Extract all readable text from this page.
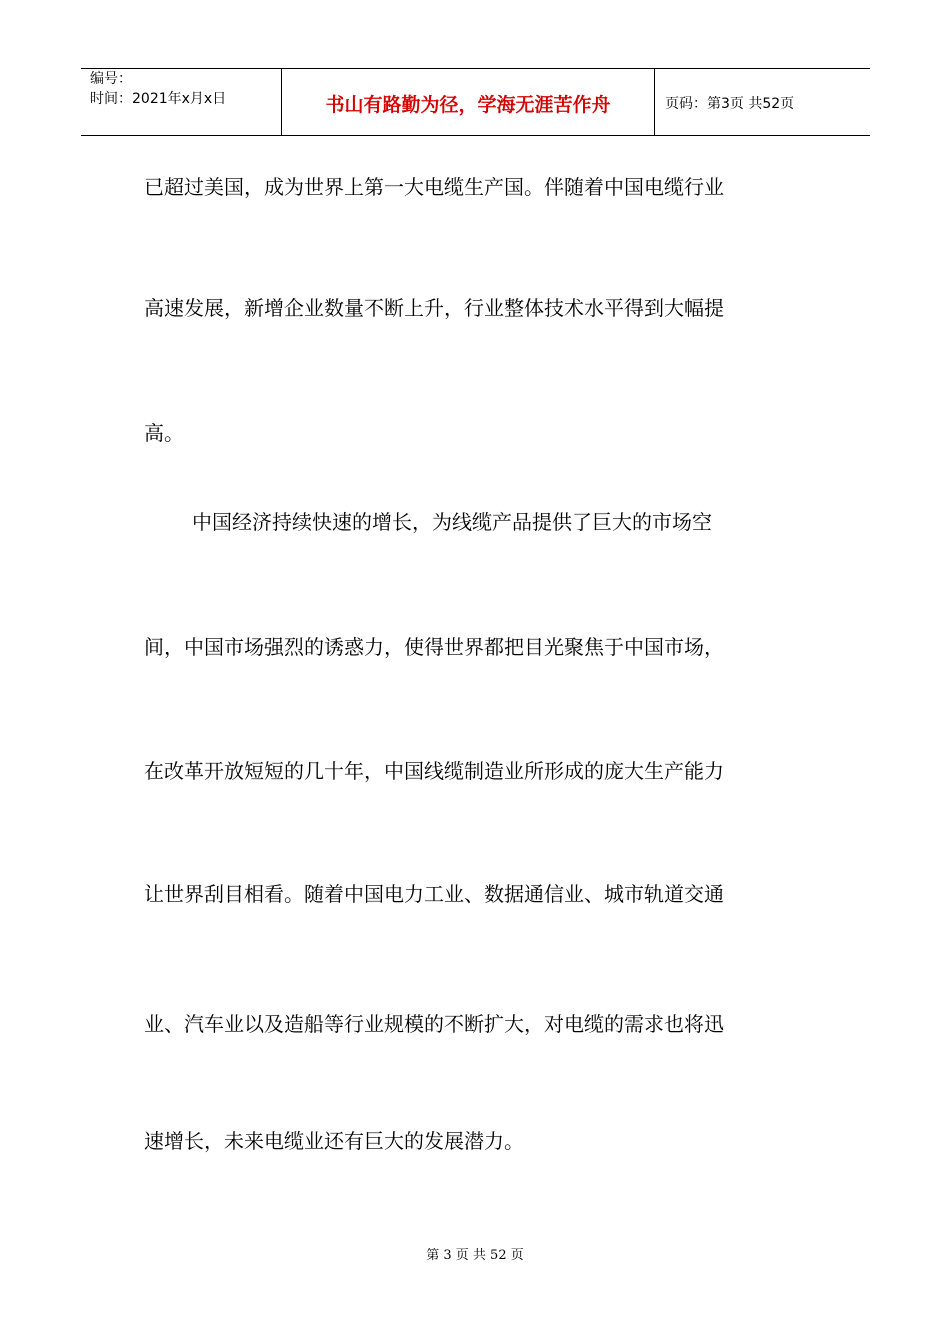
编号：
时间：2021年x月x日	书山有路勤为径，学海无涯苦作舟	页码：第3页 共52页
已超过美国，成为世界上第一大电缆生产国。伴随着中国电缆行业
高速发展，新增企业数量不断上升，行业整体技术水平得到大幅提
高。
中国经济持续快速的增长，为线缆产品提供了巨大的市场空
间，中国市场强烈的诱惑力，使得世界都把目光聚焦于中国市场，
在改革开放短短的几十年，中国线缆制造业所形成的庞大生产能力
让世界刮目相看。随着中国电力工业、数据通信业、城市轨道交通
业、汽车业以及造船等行业规模的不断扩大，对电缆的需求也将迅
速增长，未来电缆业还有巨大的发展潜力。
第 3 页 共 52 页
